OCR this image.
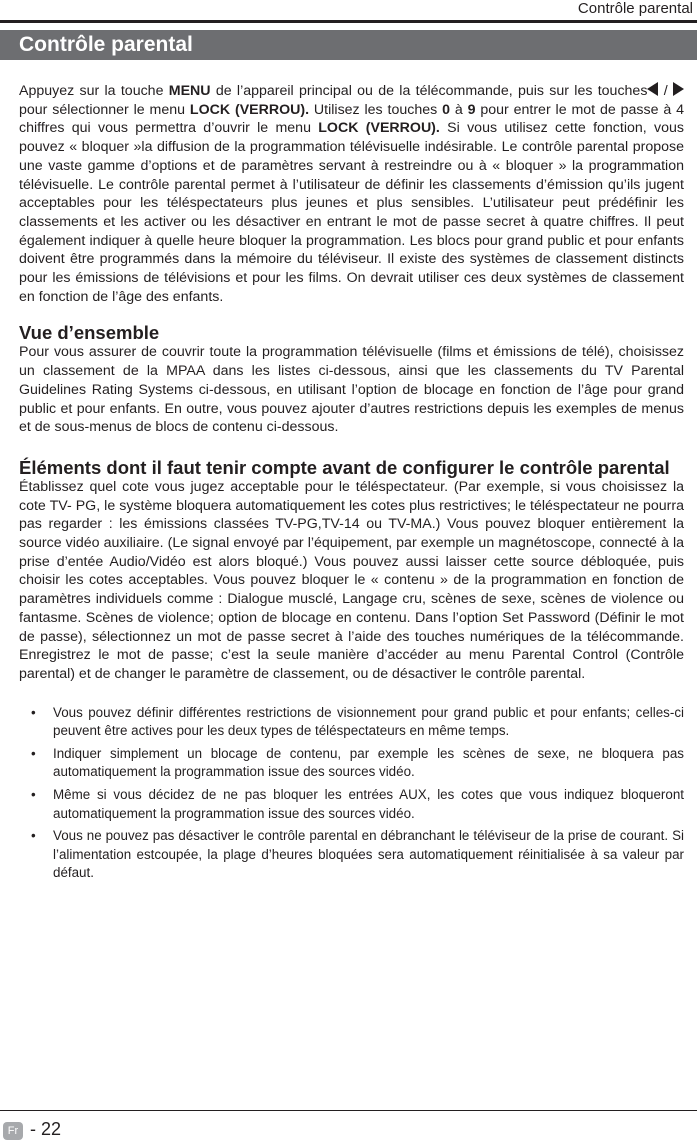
Contrôle parental
Contrôle parental

Appuyez sur la touche MENU de l’appareil principal ou de la télécommande, puis sur les touches /  pour sélectionner le menu LOCK (VERROU). Utilisez les touches 0 à 9 pour entrer le mot de passe à 4 chiffres qui vous permettra d’ouvrir le menu LOCK (VERROU). Si vous utilisez cette fonction, vous pouvez « bloquer »la diffusion de la programmation télévisuelle indésirable. Le contrôle parental propose une vaste gamme d’options et de paramètres servant à restreindre ou à « bloquer » la programmation télévisuelle. Le contrôle parental permet à l’utilisateur de définir les classements d’émission qu’ils jugent acceptables pour les téléspectateurs plus jeunes et plus sensibles. L’utilisateur peut prédéfinir les classements et les activer ou les désactiver en entrant le mot de passe secret à quatre chiffres. Il peut également indiquer à quelle heure bloquer la programmation. Les blocs pour grand public et pour enfants doivent être programmés dans la mémoire du téléviseur. Il existe des systèmes de classement distincts pour les émissions de télévisions et pour les films. On devrait utiliser ces deux systèmes de classement en fonction de l’âge des enfants.

Vue d’ensemble

Pour vous assurer de couvrir toute la programmation télévisuelle (films et émissions de télé), choisissez un classement de la MPAA dans les listes ci-dessous, ainsi que les classements du TV Parental Guidelines Rating Systems ci-dessous, en utilisant l’option de blocage en fonction de l’âge pour grand public et pour enfants. En outre, vous pouvez ajouter d’autres restrictions depuis les exemples de menus et de sous-menus de blocs de contenu ci-dessous.

Éléments dont il faut tenir compte avant de configurer le contrôle parental

Établissez quel cote vous jugez acceptable pour le téléspectateur. (Par exemple, si vous choisissez la cote TV- PG, le système bloquera automatiquement les cotes plus restrictives; le téléspectateur ne pourra pas regarder : les émissions classées TV-PG,TV-14 ou TV-MA.) Vous pouvez bloquer entièrement la source vidéo auxiliaire. (Le signal envoyé par l’équipement, par exemple un magnétoscope, connecté à la prise d’entée Audio/Vidéo est alors bloqué.) Vous pouvez aussi laisser cette source débloquée, puis choisir les cotes acceptables. Vous pouvez bloquer le « contenu » de la programmation en fonction de paramètres individuels comme : Dialogue musclé, Langage cru, scènes de sexe, scènes de violence ou fantasme. Scènes de violence; option de blocage en contenu. Dans l’option Set Password (Définir le mot de passe), sélectionnez un mot de passe secret à l’aide des touches numériques de la télécommande. Enregistrez le mot de passe; c’est la seule manière d’accéder au menu Parental Control (Contrôle parental) et de changer le paramètre de classement, ou de désactiver le contrôle parental.

• Vous pouvez définir différentes restrictions de visionnement pour grand public et pour enfants; celles-ci peuvent être actives pour les deux types de téléspectateurs en même temps.
• Indiquer simplement un blocage de contenu, par exemple les scènes de sexe, ne bloquera pas automatiquement la programmation issue des sources vidéo.
• Même si vous décidez de ne pas bloquer les entrées AUX, les cotes que vous indiquez bloqueront automatiquement la programmation issue des sources vidéo.
• Vous ne pouvez pas désactiver le contrôle parental en débranchant le téléviseur de la prise de courant. Si l’alimentation estcoupée, la plage d’heures bloquées sera automatiquement réinitialisée à sa valeur par défaut.
Fr - 22
